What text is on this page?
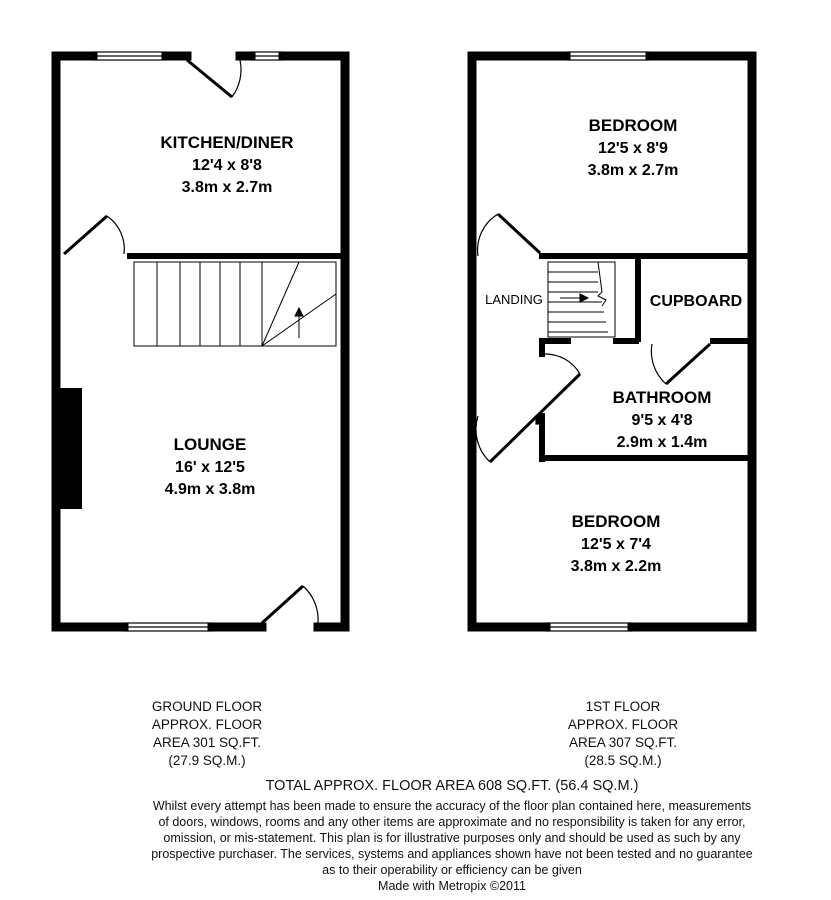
KITCHEN/DINER
12'4 x 8'8
3.8m x 2.7m
LOUNGE
16' x 12'5
4.9m x 3.8m
BEDROOM
12'5 x 8'9
3.8m x 2.7m
LANDING	CUPBOARD
BATHROOM
9'5 x 4'8
2.9m x 1.4m
BEDROOM
12'5 x 7'4
3.8m x 2.2m
GROUND FLOOR
APPROX. FLOOR
AREA 301 SQ.FT.
(27.9 SQ.M.)
1ST FLOOR
APPROX. FLOOR
AREA 307 SQ.FT.
(28.5 SQ.M.)
TOTAL APPROX. FLOOR AREA 608 SQ.FT. (56.4 SQ.M.)
Whilst every attempt has been made to ensure the accuracy of the floor plan contained here, measurements
of doors, windows, rooms and any other items are approximate and no responsibility is taken for any error,
omission, or mis-statement. This plan is for illustrative purposes only and should be used as such by any
prospective purchaser. The services, systems and appliances shown have not been tested and no guarantee
as to their operability or efficiency can be given
Made with Metropix ©2011
